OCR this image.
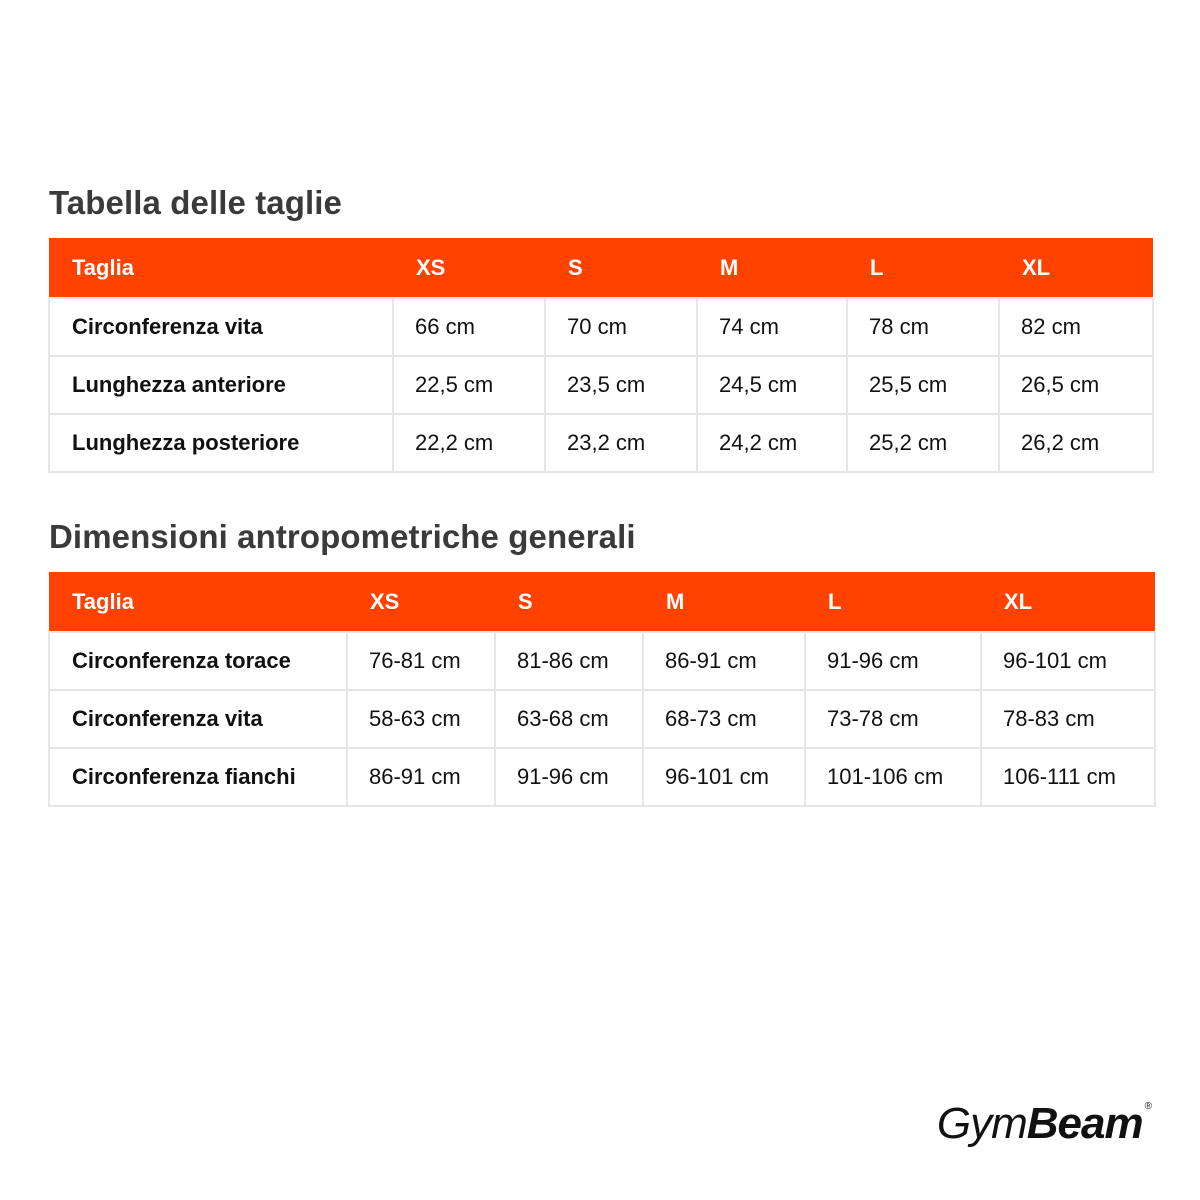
Tabella delle taglie
Taglia	XS	S	M	L	XL
Circonferenza vita	66 cm	70 cm	74 cm	78 cm	82 cm
Lunghezza anteriore	22,5 cm	23,5 cm	24,5 cm	25,5 cm	26,5 cm
Lunghezza posteriore	22,2 cm	23,2 cm	24,2 cm	25,2 cm	26,2 cm
Dimensioni antropometriche generali
Taglia	XS	S	M	L	XL
Circonferenza torace	76-81 cm	81-86 cm	86-91 cm	91-96 cm	96-101 cm
Circonferenza vita	58-63 cm	63-68 cm	68-73 cm	73-78 cm	78-83 cm
Circonferenza fianchi	86-91 cm	91-96 cm	96-101 cm	101-106 cm	106-111 cm
GymBeam ®
